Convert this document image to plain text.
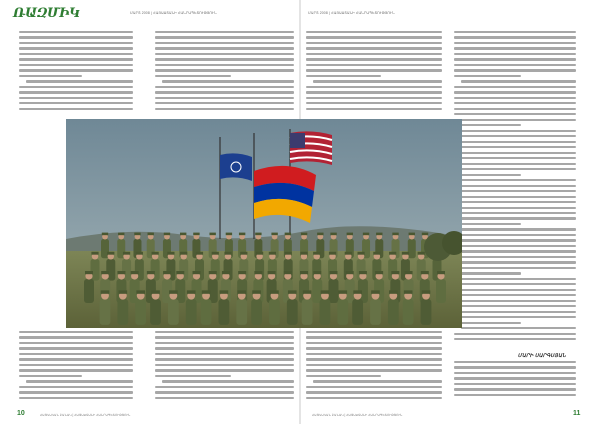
ՌԱԶՄԻԿ	ՄԱՐՏ 2008 | ՀԱՅԱՍՏԱՆԻ ՀԱՆՐԱՊԵՏՈՒԹՅՈՒՆ	ՄԱՐՏ 2008 | ՀԱՅԱՍՏԱՆԻ ՀԱՆՐԱՊԵՏՈՒԹՅՈՒՆ
ՄԱՐԻ ՍԱՐԳՍՅԱՆ
10	ՀԱՅԿԱԿԱՆ ԲԱՆԱԿ | ՀԱՅԱՍՏԱՆԻ ՀԱՆՐԱՊԵՏՈՒԹՅՈՒՆ	ՀԱՅԿԱԿԱՆ ԲԱՆԱԿ | ՀԱՅԱՍՏԱՆԻ ՀԱՆՐԱՊԵՏՈՒԹՅՈՒՆ	11
